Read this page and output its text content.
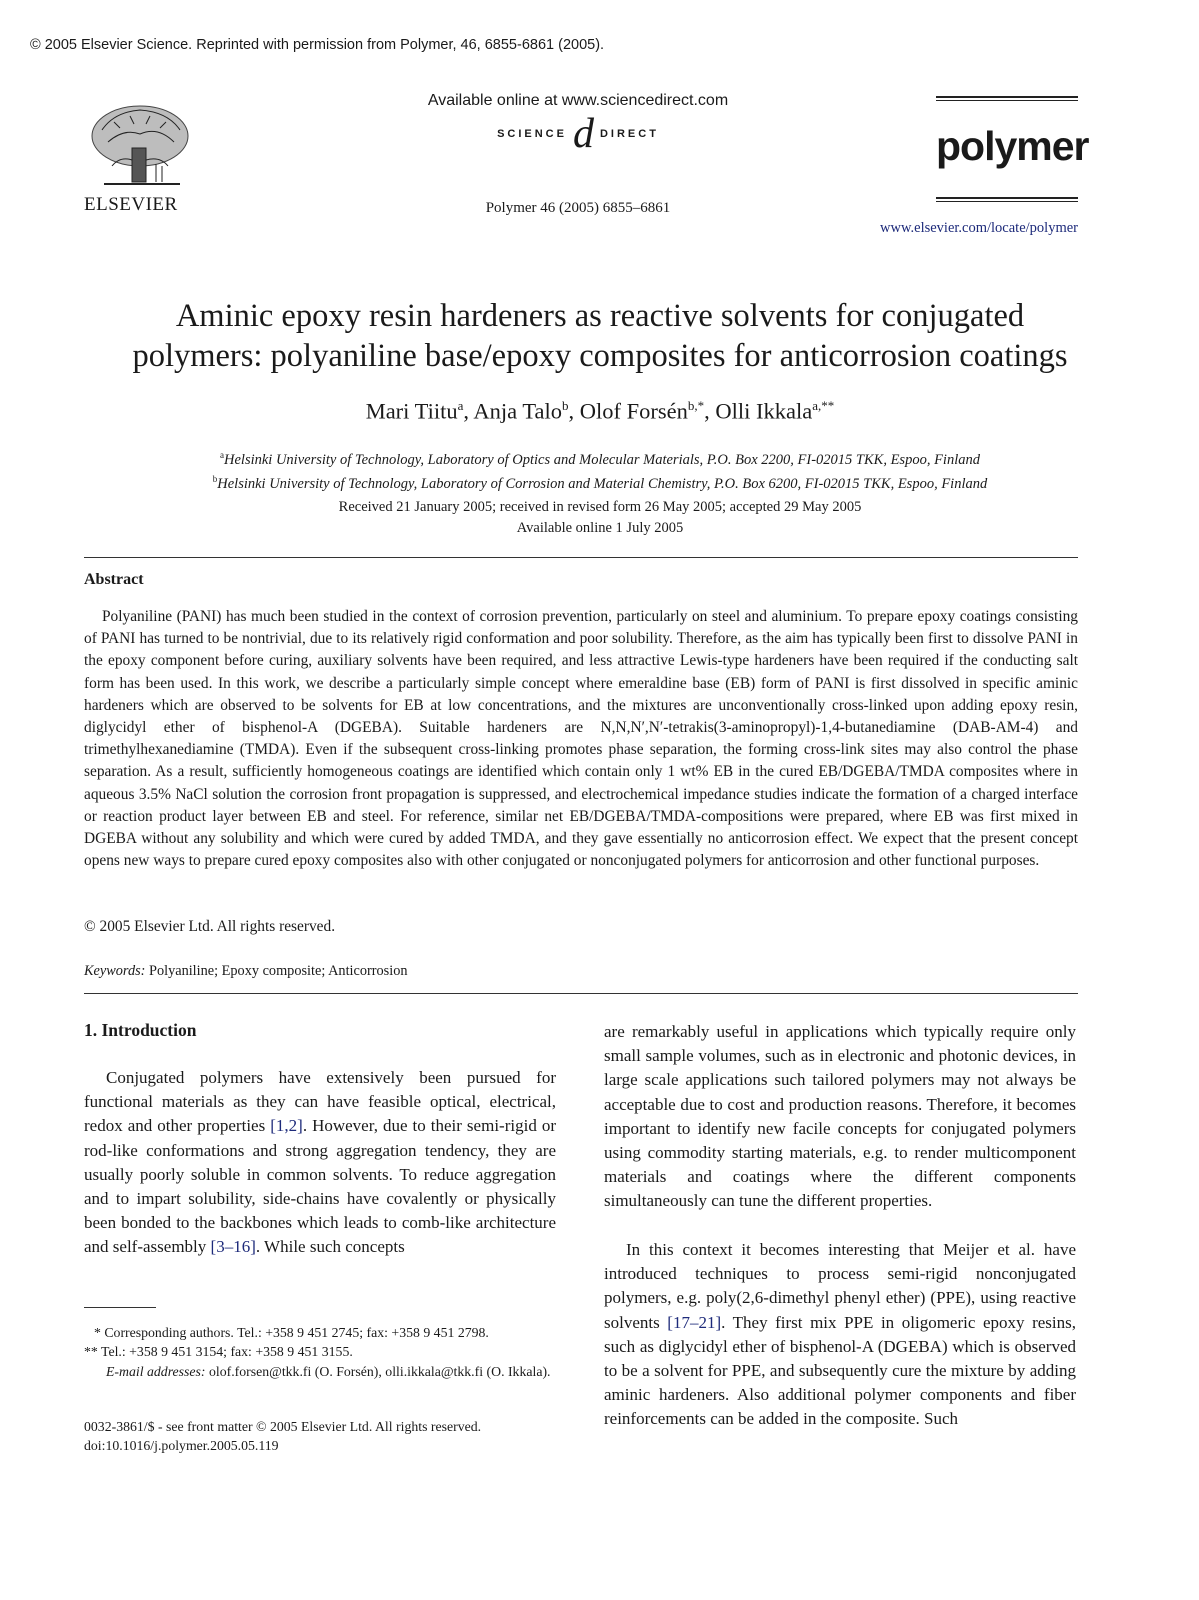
© 2005 Elsevier Science. Reprinted with permission from Polymer, 46, 6855-6861 (2005).
ELSEVIER
Available online at www.sciencedirect.com
SCIENCE d DIRECT
Polymer 46 (2005) 6855–6861
polymer
www.elsevier.com/locate/polymer
Aminic epoxy resin hardeners as reactive solvents for conjugated
polymers: polyaniline base/epoxy composites for anticorrosion coatings
Mari Tiitu$^a$, Anja Talo$^b$, Olof Forsén$^{b,*}$, Olli Ikkala$^{a,**}$
$^a$Helsinki University of Technology, Laboratory of Optics and Molecular Materials, P.O. Box 2200, FI-02015 TKK, Espoo, Finland
$^b$Helsinki University of Technology, Laboratory of Corrosion and Material Chemistry, P.O. Box 6200, FI-02015 TKK, Espoo, Finland
Received 21 January 2005; received in revised form 26 May 2005; accepted 29 May 2005
Available online 1 July 2005
Abstract
Polyaniline (PANI) has much been studied in the context of corrosion prevention, particularly on steel and aluminium. To prepare epoxy coatings consisting of PANI has turned to be nontrivial, due to its relatively rigid conformation and poor solubility. Therefore, as the aim has typically been first to dissolve PANI in the epoxy component before curing, auxiliary solvents have been required, and less attractive Lewis-type hardeners have been required if the conducting salt form has been used. In this work, we describe a particularly simple concept where emeraldine base (EB) form of PANI is first dissolved in specific aminic hardeners which are observed to be solvents for EB at low concentrations, and the mixtures are unconventionally cross-linked upon adding epoxy resin, diglycidyl ether of bisphenol-A (DGEBA). Suitable hardeners are N,N,N′,N′-tetrakis(3-aminopropyl)-1,4-butanediamine (DAB-AM-4) and trimethylhexanediamine (TMDA). Even if the subsequent cross-linking promotes phase separation, the forming cross-link sites may also control the phase separation. As a result, sufficiently homogeneous coatings are identified which contain only 1 wt% EB in the cured EB/DGEBA/TMDA composites where in aqueous 3.5% NaCl solution the corrosion front propagation is suppressed, and electrochemical impedance studies indicate the formation of a charged interface or reaction product layer between EB and steel. For reference, similar net EB/DGEBA/TMDA-compositions were prepared, where EB was first mixed in DGEBA without any solubility and which were cured by added TMDA, and they gave essentially no anticorrosion effect. We expect that the present concept opens new ways to prepare cured epoxy composites also with other conjugated or nonconjugated polymers for anticorrosion and other functional purposes.
© 2005 Elsevier Ltd. All rights reserved.
Keywords: Polyaniline; Epoxy composite; Anticorrosion
1. Introduction
Conjugated polymers have extensively been pursued for functional materials as they can have feasible optical, electrical, redox and other properties [1,2]. However, due to their semi-rigid or rod-like conformations and strong aggregation tendency, they are usually poorly soluble in common solvents. To reduce aggregation and to impart solubility, side-chains have covalently or physically been bonded to the backbones which leads to comb-like architecture and self-assembly [3–16]. While such concepts
are remarkably useful in applications which typically require only small sample volumes, such as in electronic and photonic devices, in large scale applications such tailored polymers may not always be acceptable due to cost and production reasons. Therefore, it becomes important to identify new facile concepts for conjugated polymers using commodity starting materials, e.g. to render multicomponent materials and coatings where the different components simultaneously can tune the different properties.
In this context it becomes interesting that Meijer et al. have introduced techniques to process semi-rigid nonconjugated polymers, e.g. poly(2,6-dimethyl phenyl ether) (PPE), using reactive solvents [17–21]. They first mix PPE in oligomeric epoxy resins, such as diglycidyl ether of bisphenol-A (DGEBA) which is observed to be a solvent for PPE, and subsequently cure the mixture by adding aminic hardeners. Also additional polymer components and fiber reinforcements can be added in the composite. Such
* Corresponding authors. Tel.: +358 9 451 2745; fax: +358 9 451 2798.
** Tel.: +358 9 451 3154; fax: +358 9 451 3155.
E-mail addresses: olof.forsen@tkk.fi (O. Forsén), olli.ikkala@tkk.fi (O. Ikkala).
0032-3861/$ - see front matter © 2005 Elsevier Ltd. All rights reserved.
doi:10.1016/j.polymer.2005.05.119
